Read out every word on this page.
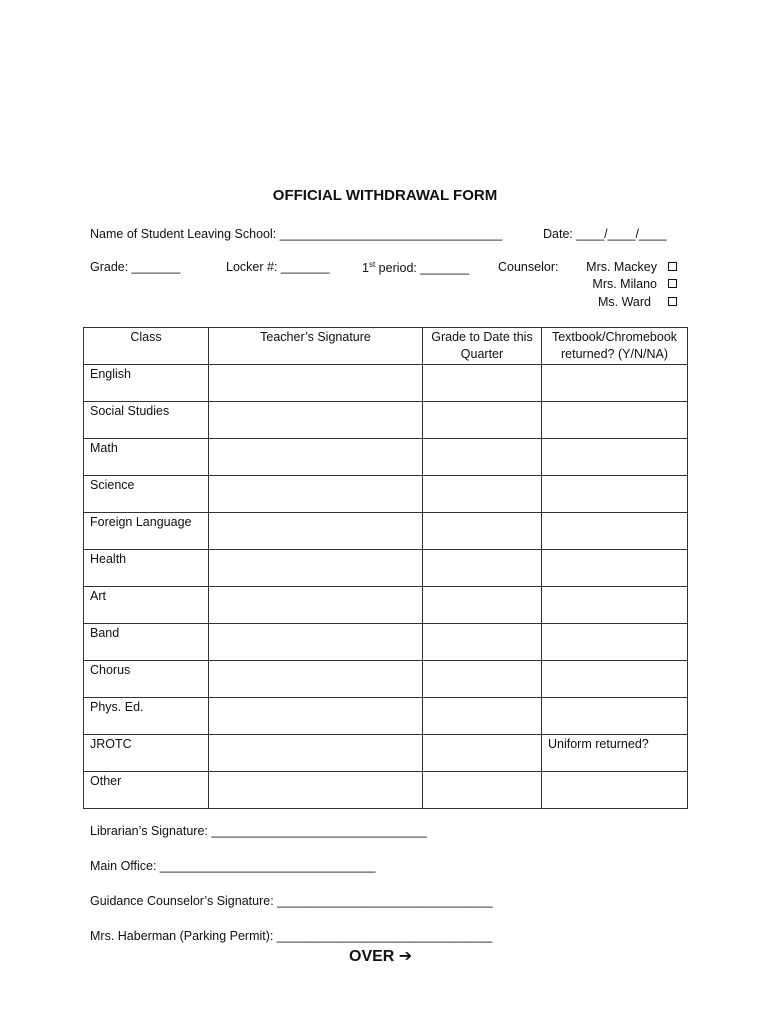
OFFICIAL WITHDRAWAL FORM
Name of Student Leaving School: ________________________________	Date: ____/____/____
Grade: _______	Locker #: _______	1st period: _______ Counselor: Mrs. Mackey
Mrs. Milano
Ms. Ward
Class	Teacher’s Signature	Grade to Date this Quarter	Textbook/Chromebook returned? (Y/N/NA)
English			
Social Studies			
Math			
Science			
Foreign Language			
Health			
Art			
Band			
Chorus			
Phys. Ed.			
JROTC			Uniform returned?
Other			
Librarian’s Signature: _______________________________
Main Office: _______________________________
Guidance Counselor’s Signature: _______________________________
Mrs. Haberman (Parking Permit): _______________________________
OVER ➔
